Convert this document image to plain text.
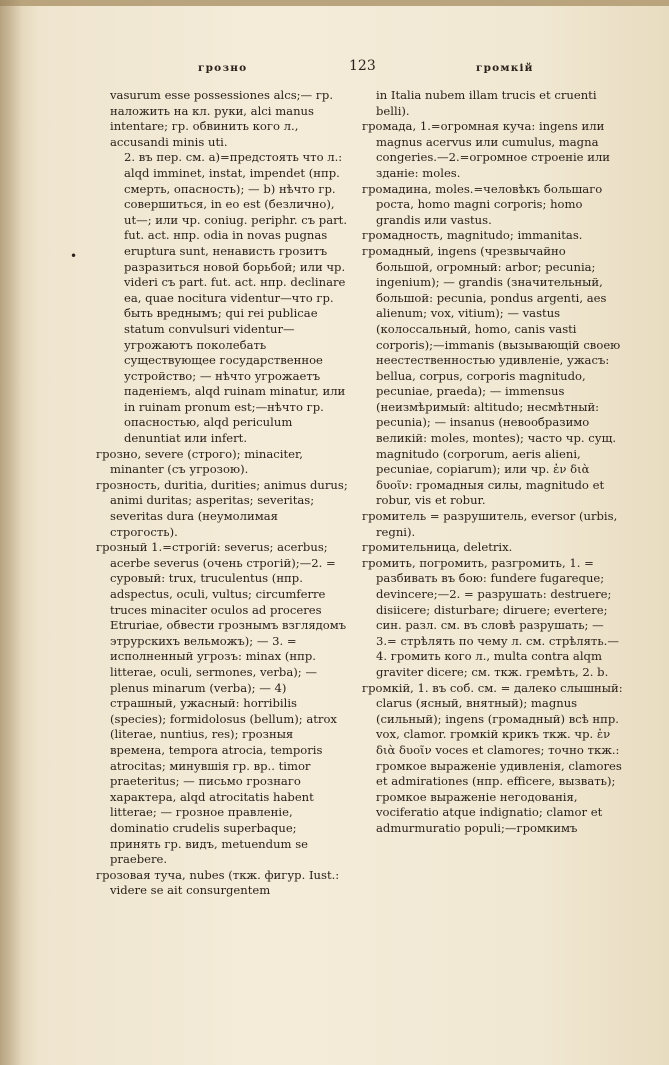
грозно	123	громкій
•
vasurum esse possessiones alcs;— гр. наложить на кл. руки, alci manus intentare; гр. обвинить кого л., accusandi minis uti.
2. въ пер. см. а)=предстоять что л.: alqd imminet, instat, impendet (нпр. смерть, опасность); — b) нѣчто гр. совершиться, in eo est (безлично), ut—; или чр. coniug. periphr. съ part. fut. act. нпр. odia in novas pugnas eruptura sunt, ненависть грозитъ разразиться новой борьбой; или чр. videri съ part. fut. act. нпр. declinare ea, quae nocitura videntur—что гр. быть вреднымъ; qui rei publicae statum convulsuri videntur—угрожаютъ поколебать существующее государственное устройство; — нѣчто угрожаетъ паденіемъ, alqd ruinam minatur, или in ruinam pronum est;—нѣчто гр. опасностью, alqd periculum denuntiat или infert.
грозно, severe (строго); minaciter, minanter (съ угрозою).
грозность, duritia, durities; animus durus; animi duritas; asperitas; severitas; severitas dura (неумолимая строгость).
грозный 1.=строгій: severus; acerbus; acerbe severus (очень строгій);—2. = суровый: trux, truculentus (нпр. adspectus, oculi, vultus; circumferre truces minaciter oculos ad proceres Etruriae, обвести грознымъ взглядомъ этрурскихъ вельможъ); — 3. = исполненный угрозъ: minax (нпр. litterae, oculi, sermones, verba); — plenus minarum (verba); — 4) страшный, ужасный: horribilis (species); formidolosus (bellum); atrox (literae, nuntius, res); грозныя времена, tempora atrocia, temporis atrocitas; минувшія гр. вр.. timor praeteritus; — письмо грознаго характера, alqd atrocitatis habent litterae; — грозное правленіе, dominatio crudelis superbaque; принять гр. видъ, metuendum se praebere.
грозовая туча, nubes (ткж. фигур. Iust.: videre se ait consurgentem
in Italia nubem illam trucis et cruenti belli).
громада, 1.=огромная куча: ingens или magnus acervus или cumulus, magna congeries.—2.=огромное строеніе или зданіе: moles.
громадина, moles.=человѣкъ большаго роста, homo magni corporis; homo grandis или vastus.
громадность, magnitudo; immanitas.
громадный, ingens (чрезвычайно большой, огромный: arbor; pecunia; ingenium); — grandis (значительный, большой: pecunia, pondus argenti, aes alienum; vox, vitium); — vastus (колоссальный, homo, canis vasti corporis);—immanis (вызывающій своею неестественностью удивленіе, ужасъ: bellua, corpus, corporis magnitudo, pecuniae, praeda); — immensus (неизмѣримый: altitudo; несмѣтный: pecunia); — insanus (невообразимо великій: moles, montes); часто чр. сущ. magnitudo (corporum, aeris alieni, pecuniae, copiarum); или чр. ἐν διὰ δυοῖν: громадныя силы, magnitudo et robur, vis et robur.
громитель = разрушитель, eversor (urbis, regni).
громительница, deletrix.
громить, погромить, разгромить, 1. = разбивать въ бою: fundere fugareque; devincere;—2. = разрушать: destruere; disiicere; disturbare; diruere; evertere; син. разл. см. въ словѣ разрушать; — 3.= стрѣлять по чему л. см. стрѣлять.—4. громить кого л., multa contra alqm graviter dicere; см. ткж. гремѣть, 2. b.
громкій, 1. въ соб. см. = далеко слышный: clarus (ясный, внятный); magnus (сильный); ingens (громадный) всѣ нпр. vox, clamor. громкій крикъ ткж. чр. ἐν διὰ δυοῖν voces et clamores; точно ткж.: громкое выраженіе удивленія, clamores et admirationes (нпр. efficere, вызвать); громкое выраженіе негодованія, vociferatio atque indignatio; clamor et admurmuratio populi;—громкимъ
